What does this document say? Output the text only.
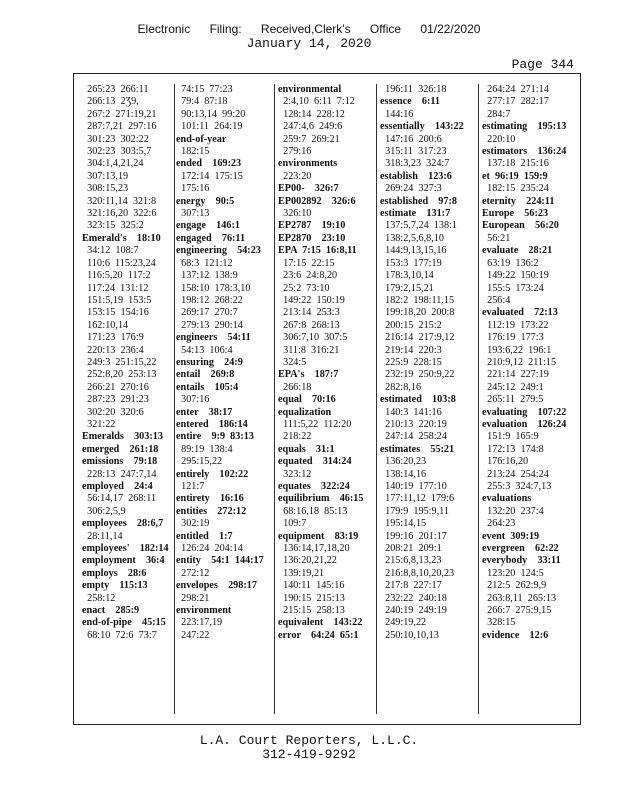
Electronic Filing: Received,Clerk's Office 01/22/2020
January 14, 2020
Page 344
265:23  266:11
266:13  2Ʒ9,
267:2  271:19,21
287:7,21  297:16
301:23  302:22
302:23  303:5,7
304:1,4,21,24
307:13,19
308:15,23
320:11,14  321:8
321:16,20  322:6
323:15  325:2
Emerald's    18:10
34:12  108:7
110:6  115:23,24
116:5,20  117:2
117:24  131:12
151:5,19  153:5
153:15  154:16
162:10,14
171:23  176:9
220:13  236:4
249:3  251:15,22
252:8,20  253:13
266:21  270:16
287:23  291:23
302:20  320:6
321:22
Emeralds    303:13
emerged    261:18
emissions    79:18
228:13  247:7,14
employed    24:4
56:14,17  268:11
306:2,5,9
employees    28:6,7
28:11,14
employees'    182:14
employment    36:4
employs    28:6
empty    115:13
258:12
enact    285:9
end-of-pipe    45:15
68:10  72:6  73:7
74:15  77:23
79:4  87:18
90:13,14  99:20
101:11  264:19
end-of-year
182:15
ended    169:23
172:14  175:15
175:16
energy    90:5
307:13
engage    146:1
engaged    76:11
engineering    54:23
68:3  121:12
137:12  138:9
158:10  178:3,10
198:12  268:22
269:17  270:7
279:13  290:14
engineers    54:11
54:13  106:4
ensuring    24:9
entail    269:8
entails    105:4
307:16
enter    38:17
entered    186:14
entire    9:9  83:13
89:19  138:4
295:15,22
entirely    102:22
121:7
entirety    16:16
entities    272:12
302:19
entitled    1:7
126:24  204:14
entity    54:1  144:17
272:12
envelopes    298:17
298:21
environment
223:17,19
247:22
environmental
2:4,10  6:11  7:12
128:14  228:12
247:4,6  249:6
259:7  269:21
279:16
environments
223:20
EP00-    326:7
EP002892    326:6
326:10
EP2787    19:10
EP2870    23:10
EPA  7:15  16:8,11
17:15  22:15
23:6  24:8,20
25:2  73:10
149:22  150:19
213:14  253:3
267:8  268:13
306:7,10  307:5
311:8  316:21
324:5
EPA's    187:7
266:18
equal    70:16
equalization
111:5,22  112:20
218:22
equals    31:1
equated    314:24
323:12
equates    322:24
equilibrium    46:15
68:16,18  85:13
109:7
equipment    83:19
136:14,17,18,20
136:20,21,22
139:19,21
140:11  145:16
190:15  215:13
215:15  258:13
equivalent    143:22
error    64:24  65:1
196:11  326:18
essence    6:11
144:16
essentially    143:22
147:16  200:6
315:11  317:23
318:3,23  324:7
establish    123:6
269:24  327:3
established    97:8
estimate    131:7
137:5,7,24  138:1
138:2,5,6,8,10
144:9,13,15,16
153:3  177:19
178:3,10,14
179:2,15,21
182:2  198:11,15
199:18,20  200:8
200:15  215:2
216:14  217:9,12
219:14  220:3
225:9  228:15
232:19  250:9,22
282:8,16
estimated    103:8
140:3  141:16
210:13  220:19
247:14  258:24
estimates    55:21
136:20,23
138:14,16
140:19  177:10
177:11,12  179:6
179:9  195:9,11
195:14,15
199:16  201:17
208:21  209:1
215:6,8,13,23
216:8,8,10,20,23
217:8  227:17
232:22  240:18
240:19  249:19
249:19,22
250:10,10,13
264:24  271:14
277:17  282:17
284:7
estimating    195:13
220:10
estimators    136:24
137:18  215:16
et  96:19  159:9
182:15  235:24
eternity    224:11
Europe    56:23
European    56:20
56:21
evaluate    28:21
63:19  136:2
149:22  150:19
155:5  173:24
256:4
evaluated    72:13
112:19  173:22
176:19  177:3
193:6,22  196:1
210:9,12  211:15
221:14  227:19
245:12  249:1
265:11  279:5
evaluating    107:22
evaluation    126:24
151:9  165:9
172:13  174:8
176:16,20
213:24  254:24
255:3  324:7,13
evaluations
132:20  237:4
264:23
event  309:19
evergreen    62:22
everybody    33:11
123:20  124:5
212:5  262:9,9
263:8,11  265:13
266:7  275:9,15
328:15
evidence    12:6
L.A. Court Reporters, L.L.C.
312-419-9292
